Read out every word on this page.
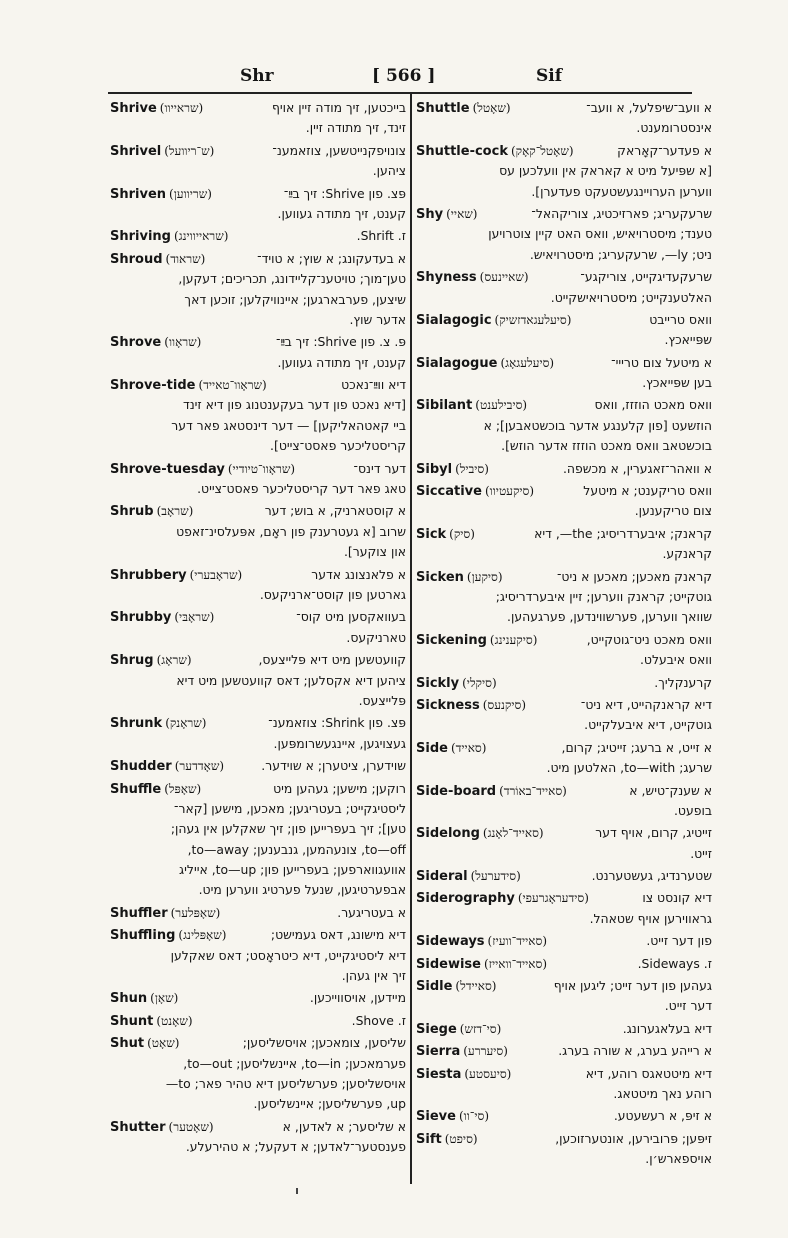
Shr	[ 566 ]	Sif
Shrive (שראייוו)	בייכטען, זיך מודה זיין אויף
זינד, זיך מתודה זיין.
Shrivel (ש־ריוועל)	צונויפקנייטשען, צוזאמענ־
ציהען.
Shriven (שריווען)	פּצ. פון Shrive: זיך בײַ־
קענט, זיך מתודה געווען.
Shriving (שראייווינג)	ז. Shrift.
Shroud (שראוד)	א בעדעקונג; א שוץ; א טויד־
טען־מוך; טויטענ־קליידונג, תכריכים; דעקען,
שיצען, פערבארגען; איינוויקלען; זוכען דאך
אדער שוץ.
Shrove (שראָוו)	פּ. צ. פון Shrive: זיך בײַ־
קענט, זיך מתודה געווען.
Shrove-tide (שראָוו־טאייד)	דיא ווײַ־נאכט
[דיא נאכט פון דער בעקענטנוג פון דיא זינד
ביי קאטהאליקען] — דער דינסטאג פאר דער
קריסטליכער פאסט־צייט].
Shrove-tuesday (שראָוו־טיודיי)	דער דינס־
טאג פאר דער קריסטליכער פאסט־צייט.
Shrub (שראָב)	א קוסטארניק, א בוש; דער
שרוב [א געטרענק פון ראָם, אפּעלסינ־זאפט
און צוקער].
Shrubbery (שראָבערי)	א פלאנצונג אדער
גארטען פון קוסט־ארניקעס.
Shrubby (שראָבּי)	בעוואקסען מיט קוס־
טארניקעס.
Shrug (שראָג)	קוועטשען מיט דיא פּלייצעס,
ציהען דיא אקסלען; דאס קוועטשען מיט דיא
פּלייצעס.
Shrunk (שראָנק)	פּצ. פון Shrink: צוזאמענ־
געצויגען, איינגעשרומפּען.
Shudder (שאָדדער)	שוידערן, ציטערן; א שוידער.
Shuffle (שאָפּל)	רוקען; מישען; געהען מיט
ליסטיגקייט; בעטריגען; מאכען, מישען [קאר־
טען]; זיך בעפרייען פון; זיך שאקלען אין געהן;
to—off, צונעהמען, גנבענען; to—away,
אוועגווארפען; בעפרייען פון; to—up, אייליג
אבפערטיגען, שנעל פערטיג ווערען מיט.
Shuffler (שאָפּלער)	א בעטריגער.
Shuffling (שאָפּלינג)	דיא מישונג, דאס געמישט;
דיא ליסטיגקייט, דיא כיטראָסט; דאס שאקלען
זיך אין געהן.
Shun (שאָן)	מיידען, אויסווייכען.
Shunt (שאָנט)	ז. Shove.
Shut (שאָט)	שליסען, צומאכען; אויסשליסען;
פערמאכען; to—in, איינשליסען; to—out,
אויסשליסען; פערשליסען דיא טהיר פאר; to—
up, פערשליסען; איינשליסען.
Shutter (שאָטער)	א שליסער; א לאדען, א
פענסטער־לאדען; א דעקעל; א טהירעלע.
Shuttle (שאָטל)	א וועב־שיפלעל, א וועב־
אינסטרומענט.
Shuttle-cock (שאָטל־קאָק)	א פעדער־קאָראק
[א שפּיעל מיט א קאראק אין וועלכען עס
ווערען הערויינגעשטעקט פעדערן].
Shy (שאיי)	שרעקעריג; פארזיכטיג, צוריקהאל־
טענד; מיסטרויאיש, וואס האט קיין צוטרויען
ניט; ly—, שרעקעריג; מיסטרויאיש.
Shyness (שאיינעס)	שרעקעדיגקייט, צוריקגע־
האלטענקייט; מיסטרויאישקייט.
Sialagogic (סיעלעגאדזשיק)	וואס טרייבט
שפּייאכץ.
Sialagogue (סיעלעגאָג)	א מיטעל צום טרייי־
בען שפּייאכץ.
Sibilant (סיבילענט)	וואס מאכט הוזזז, וואס
הוזשעט [פון קלענגע אדער בוכשטאבען]; א
בוכשטאב וואס מאכט הוזזז אדער הוזש].
Sibyl (סיביל)	א וואהר־זאגערין, א מכשפה.
Siccative (סיקעטיוו)	וואס טריקענט; א מיטעל
צום טריקענען.
Sick (סיק)	קראנק; איבערדריסיג; the—, דיא
קראנקע.
Sicken (סיקען)	קראנק מאכען; מאכען א ניט־
גוטקייט; קראנק ווערען; זיין איבערדריסיג;
שוואך ווערען, פערשווינדען, פערגעהען.
Sickening (סיקענינג)	וואס מאכט ניט־גוטקייט,
וואס איבעלט.
Sickly (סיקלי)	קרענקליך.
Sickness (סיקנעס)	דיא קראנקהייט, דיא ניט־
גוטקייט, דיא איבעלקייט.
Side (סאייד)	א זייט, א ברעג; זייטיג; קרום,
שרעג; to—with, האלטען מיט.
Side-board (סאייד־באוֹרד)	א שענק־טיש, א
בופעט.
Sidelong (סאייד־לאָנג)	זייטיג, קרום, אויף דער
זייט.
Sideral (סידערעל)	שטערנדיג, געשטערנט.
Siderography (סידעראָגרעפי)	דיא קונסט צו
גראווירען אויף שטאהל.
Sideways (סאייד־וועיז)	פון דער זייט.
Sidewise (סאייד־וואייז)	ז. Sideways.
Sidle (סאיידל)	געהען פון דער זייט; ליגען אויף
דער זייט.
Siege (סי־דזש)	דיא בעלאגערונג.
Sierra (סיעררע)	א רייהע בערג, א שורה בערג.
Siesta (סיעסטע)	דיא מיטטאגס רוהע, דיא
רוהע נאך מיטטאג.
Sieve (סי־וו)	א זיפּ, א רעשעטע.
Sift (סיפט)	זיפּען; פּרובירען, אונטערזוכען,
אויספארש׳ן.
